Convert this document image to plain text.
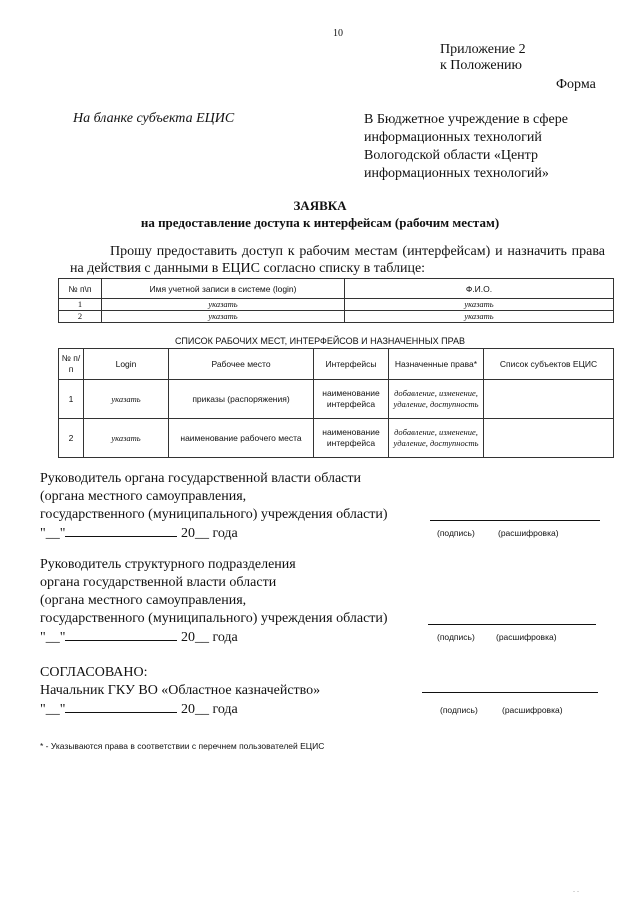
10
Приложение 2
к Положению
Форма
На бланке субъекта ЕЦИС	В Бюджетное учреждение в сфере информационных технологий Вологодской области «Центр информационных технологий»
ЗАЯВКА
на предоставление доступа к интерфейсам (рабочим местам)
Прошу предоставить доступ к рабочим местам (интерфейсам) и назначить права на действия с данными в ЕЦИС согласно списку в таблице:
№ п\п	Имя учетной записи в системе (login)	Ф.И.О.
1	указать	указать
2	указать	указать
СПИСОК РАБОЧИХ МЕСТ, ИНТЕРФЕЙСОВ И НАЗНАЧЕННЫХ ПРАВ
№ п/п	Login	Рабочее место	Интерфейсы	Назначенные права*	Список субъектов ЕЦИС
1	указать	приказы (распоряжения)	наименование интерфейса	добавление, изменение, удаление, доступность	
2	указать	наименование рабочего места	наименование интерфейса	добавление, изменение, удаление, доступность	
Руководитель органа государственной власти области
(органа местного самоуправления,
государственного (муниципального) учреждения области)
"__"	20__ года	(подпись)	(расшифровка)
Руководитель структурного подразделения
органа государственной власти области
(органа местного самоуправления,
государственного (муниципального) учреждения области)
"__"	20__ года	(подпись) (расшифровка)
СОГЛАСОВАНО:
Начальник ГКУ ВО «Областное казначейство»
"__"	20__ года	(подпись)	(расшифровка)
* - Указываются права в соответствии с перечнем пользователей ЕЦИС
. .
